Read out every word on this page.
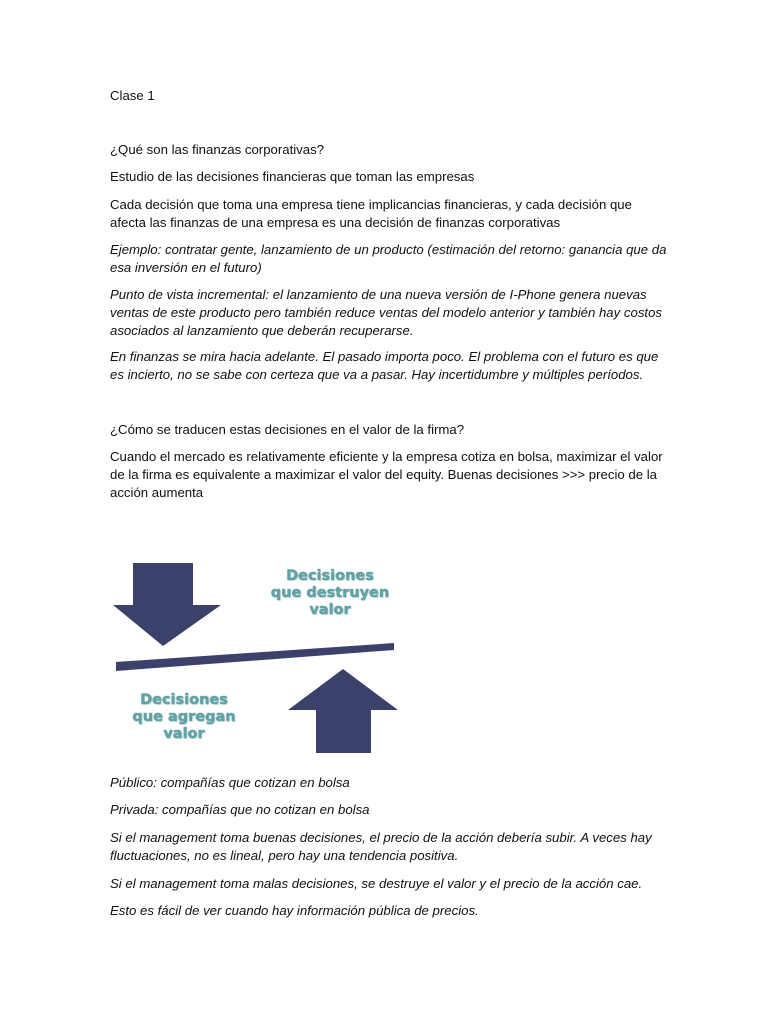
Clase 1

¿Qué son las finanzas corporativas?

Estudio de las decisiones financieras que toman las empresas

Cada decisión que toma una empresa tiene implicancias financieras, y cada decisión que afecta las finanzas de una empresa es una decisión de finanzas corporativas

Ejemplo: contratar gente, lanzamiento de un producto (estimación del retorno: ganancia que da esa inversión en el futuro)

Punto de vista incremental: el lanzamiento de una nueva versión de I-Phone genera nuevas ventas de este producto pero también reduce ventas del modelo anterior y también hay costos asociados al lanzamiento que deberán recuperarse.

En finanzas se mira hacia adelante. El pasado importa poco. El problema con el futuro es que es incierto, no se sabe con certeza que va a pasar. Hay incertidumbre y múltiples períodos.

¿Cómo se traducen estas decisiones en el valor de la firma?

Cuando el mercado es relativamente eficiente y la empresa cotiza en bolsa, maximizar el valor de la firma es equivalente a maximizar el valor del equity. Buenas decisiones >>> precio de la acción aumenta

Público: compañías que cotizan en bolsa

Privada: compañías que no cotizan en bolsa

Si el management toma buenas decisiones, el precio de la acción debería subir. A veces hay fluctuaciones, no es lineal, pero hay una tendencia positiva.

Si el management toma malas decisiones, se destruye el valor y el precio de la acción cae.

Esto es fácil de ver cuando hay información pública de precios.

Decisiones
que destruyen
valor
Decisiones
que agregan
valor
